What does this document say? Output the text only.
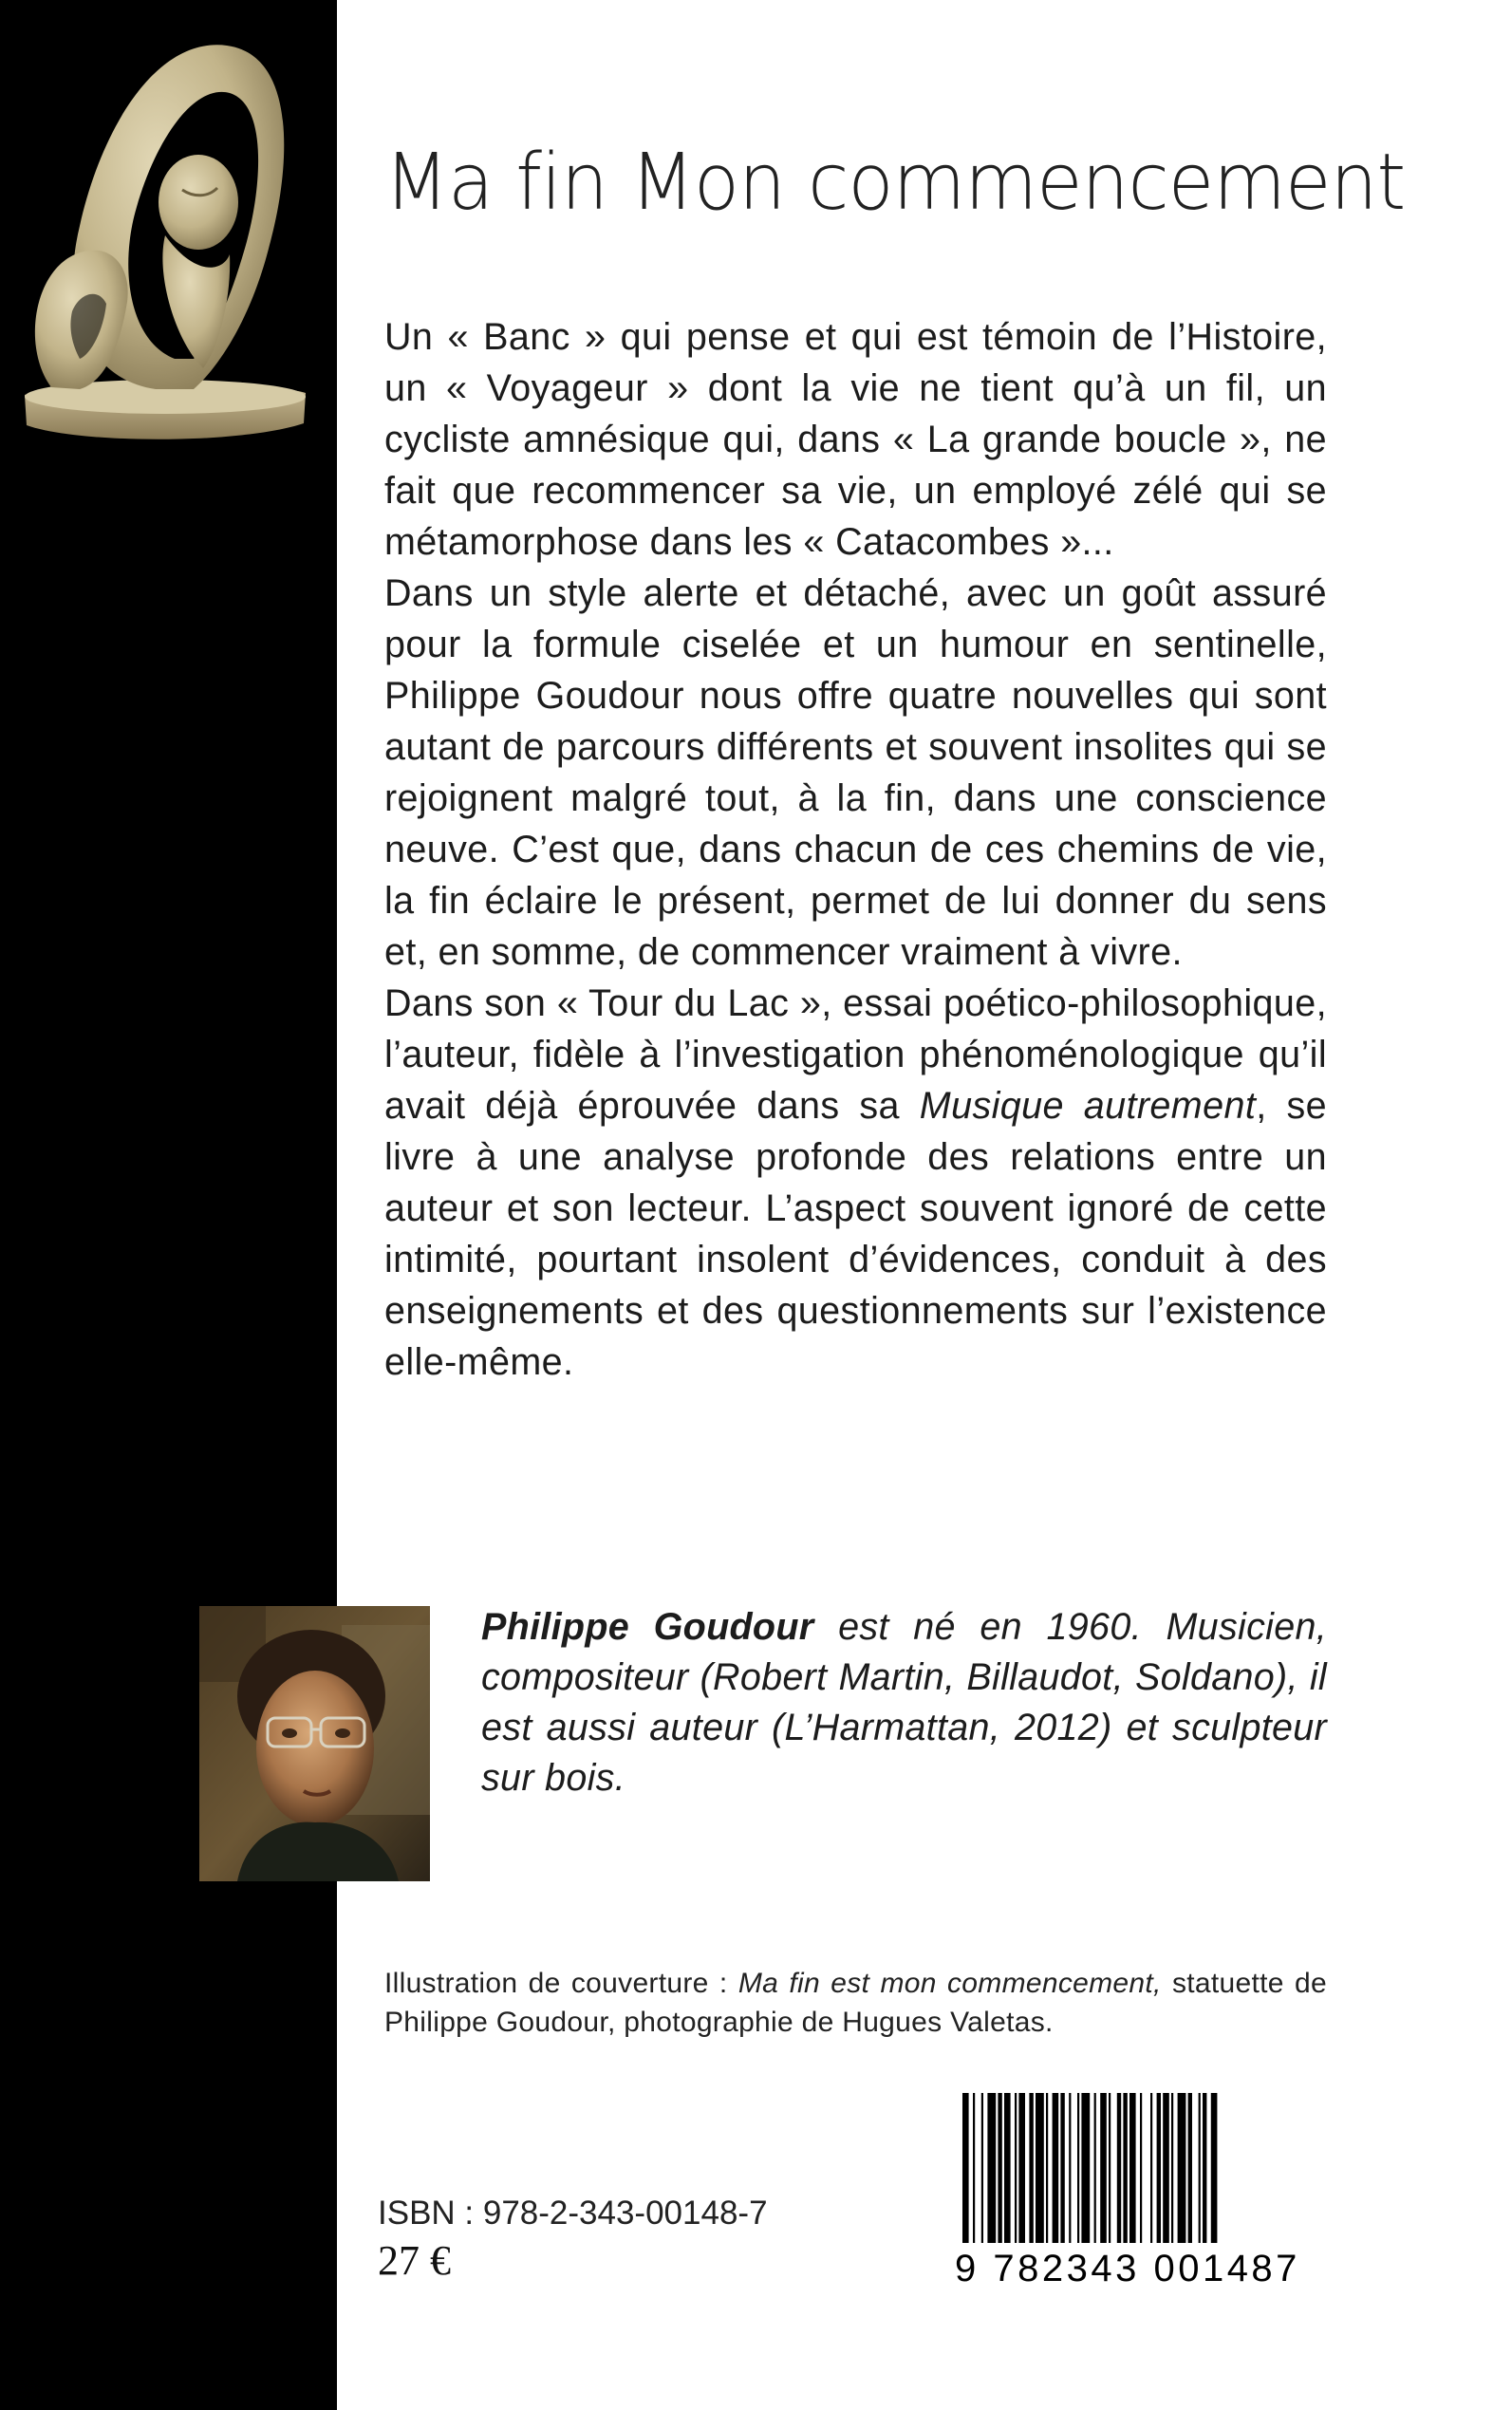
Ma fin Mon commencement

Un « Banc » qui pense et qui est témoin de l’Histoire, un « Voyageur » dont la vie ne tient qu’à un fil, un cycliste amnésique qui, dans « La grande boucle », ne fait que recommencer sa vie, un employé zélé qui se métamorphose dans les « Catacombes »...

Dans un style alerte et détaché, avec un goût assuré pour la formule ciselée et un humour en sentinelle, Philippe Goudour nous offre quatre nouvelles qui sont autant de parcours différents et souvent insolites qui se rejoignent malgré tout, à la fin, dans une conscience neuve. C’est que, dans chacun de ces chemins de vie, la fin éclaire le présent, permet de lui donner du sens et, en somme, de commencer vraiment à vivre.

Dans son « Tour du Lac », essai poético-philosophique, l’auteur, fidèle à l’investigation phénoménologique qu’il avait déjà éprouvée dans sa Musique autrement, se livre à une analyse profonde des relations entre un auteur et son lecteur. L’aspect souvent ignoré de cette intimité, pourtant insolent d’évidences, conduit à des enseignements et des questionnements sur l’existence elle-même.

Philippe Goudour est né en 1960. Musicien, compositeur (Robert Martin, Billaudot, Soldano), il est aussi auteur (L’Harmattan, 2012) et sculpteur sur bois.

Illustration de couverture : Ma fin est mon commencement, statuette de Philippe Goudour, photographie de Hugues Valetas.

ISBN : 978-2-343-00148-7
27 €	9 782343 001487
